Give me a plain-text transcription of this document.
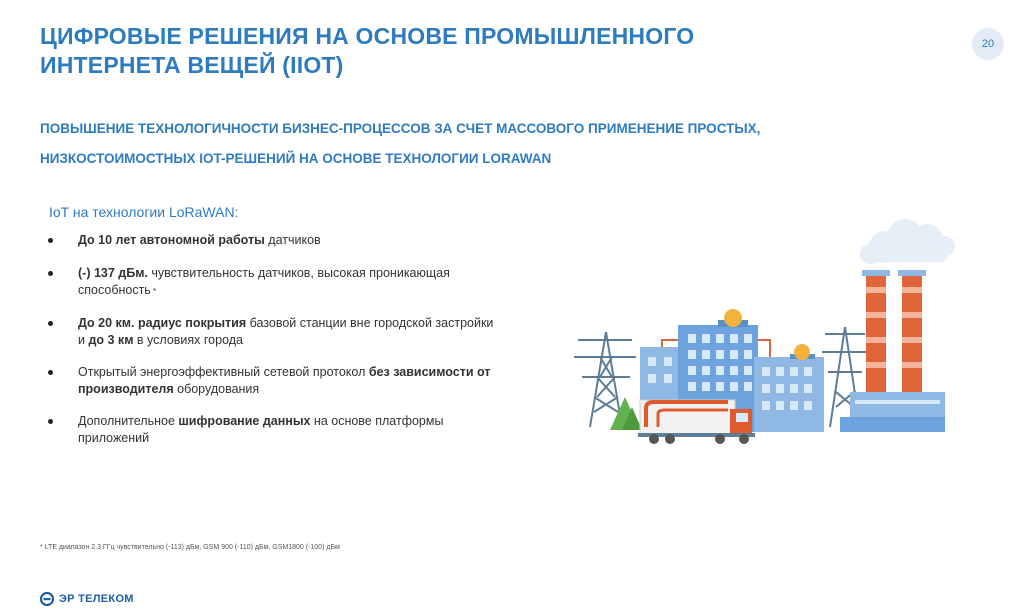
ЦИФРОВЫЕ РЕШЕНИЯ НА ОСНОВЕ ПРОМЫШЛЕННОГО
ИНТЕРНЕТА ВЕЩЕЙ (IIOT)
20

ПОВЫШЕНИЕ ТЕХНОЛОГИЧНОСТИ БИЗНЕС-ПРОЦЕССОВ ЗА СЧЕТ МАССОВОГО ПРИМЕНЕНИЕ ПРОСТЫХ,
НИЗКОСТОИМОСТНЫХ IOT-РЕШЕНИЙ НА ОСНОВЕ ТЕХНОЛОГИИ LORAWAN

IoT на технологии LoRaWAN:

До 10 лет автономной работы датчиков
(-) 137 дБм. чувствительность датчиков, высокая проникающая способность *
До 20 км. радиус покрытия базовой станции вне городской застройки и до 3 км в условиях города
Открытый энергоэффективный сетевой протокол без зависимости от производителя оборудования
Дополнительное шифрование данных на основе платформы приложений

* LTE диапазон 2.3 ГГц чувствительно (-113) дБм, GSM 900 (-110) дБм, GSM1800 (-100) дБм

ЭР ТЕЛЕКОМ
